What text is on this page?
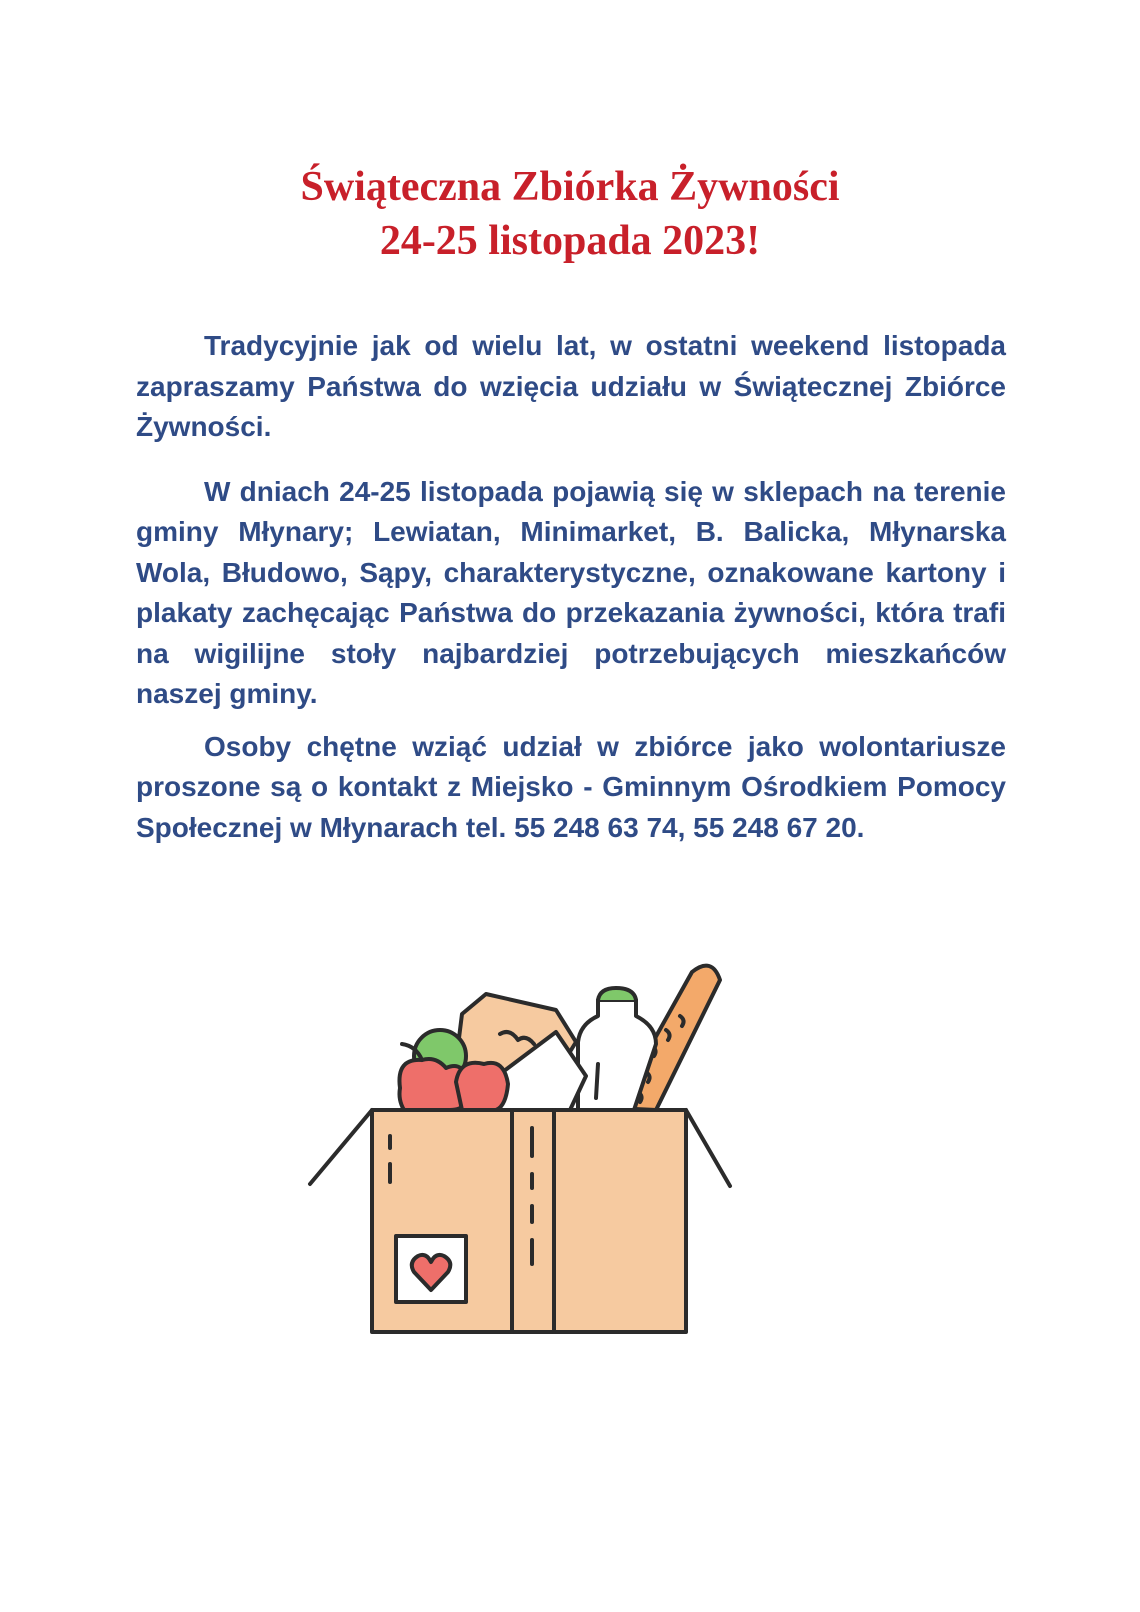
Świąteczna Zbiórka Żywności
24-25 listopada 2023!

Tradycyjnie jak od wielu lat, w ostatni weekend listopada zapraszamy Państwa do wzięcia udziału w Świątecznej Zbiórce Żywności.

W dniach 24-25 listopada pojawią się w sklepach na terenie gminy Młynary; Lewiatan, Minimarket, B. Balicka, Młynarska Wola, Błudowo, Sąpy, charakterystyczne, oznakowane kartony i plakaty zachęcając Państwa do przekazania żywności, która trafi na wigilijne stoły najbardziej potrzebujących mieszkańców naszej gminy.

Osoby chętne wziąć udział w zbiórce jako wolontariusze proszone są o kontakt z Miejsko - Gminnym Ośrodkiem Pomocy Społecznej w Młynarach tel. 55 248 63 74, 55 248 67 20.
